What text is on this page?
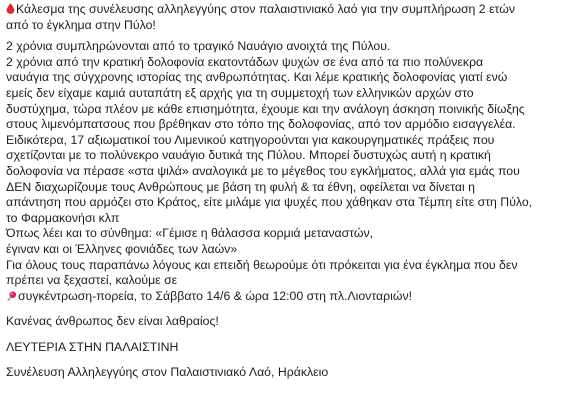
Κάλεσμα της συνέλευσης αλληλεγγύης στον παλαιστινιακό λαό για την συμπλήρωση 2 ετών
από το έγκλημα στην Πύλο!
2 χρόνια συμπληρώνονται από το τραγικό Ναυάγιο ανοιχτά της Πύλου.
2 χρόνια από την κρατική δολοφονία εκατοντάδων ψυχών σε ένα από τα πιο πολύνεκρα
ναυάγια της σύγχρονης ιστορίας της ανθρωπότητας. Και λέμε κρατικής δολοφονίας γιατί ενώ
εμείς δεν είχαμε καμιά αυταπάτη εξ αρχής για τη συμμετοχή των ελληνικών αρχών στο
δυστύχημα, τώρα πλέον με κάθε επισημότητα, έχουμε και την ανάλογη άσκηση ποινικής δίωξης
στους λιμενόμπατσους που βρέθηκαν στο τόπο της δολοφονίας, από τον αρμόδιο εισαγγελέα.
Ειδικότερα, 17 αξιωματικοί του Λιμενικού κατηγορούνται για κακουργηματικές πράξεις που
σχετίζονται με το πολύνεκρο ναυάγιο δυτικά της Πύλου. Μπορεί δυστυχώς αυτή η κρατική
δολοφονία να πέρασε «στα ψιλά» αναλογικά με το μέγεθος του εγκλήματος, αλλά για εμάς που
ΔΕΝ διαχωρίζουμε τους Ανθρώπους με βάση τη φυλή & τα έθνη, οφείλεται να δίνεται η
απάντηση που αρμόζει στο Κράτος, είτε μιλάμε για ψυχές που χάθηκαν στα Τέμπη είτε στη Πύλο,
το Φαρμακονήσι κλπ
Όπως λέει και το σύνθημα: «Γέμισε η θάλασσα κορμιά μεταναστών,
έγιναν και οι Έλληνες φονιάδες των λαών»
Για όλους τους παραπάνω λόγους και επειδή θεωρούμε ότι πρόκειται για ένα έγκλημα που δεν
πρέπει να ξεχαστεί, καλούμε σε
συγκέντρωση-πορεία, το Σάββατο 14/6 & ώρα 12:00 στη πλ.Λιονταριών!
Κανένας άνθρωπος δεν είναι λαθραίος!
ΛΕΥΤΕΡΙΑ ΣΤΗΝ ΠΑΛΑΙΣΤΙΝΗ
Συνέλευση Αλληλεγγύης στον Παλαιστινιακό Λαό, Ηράκλειο
